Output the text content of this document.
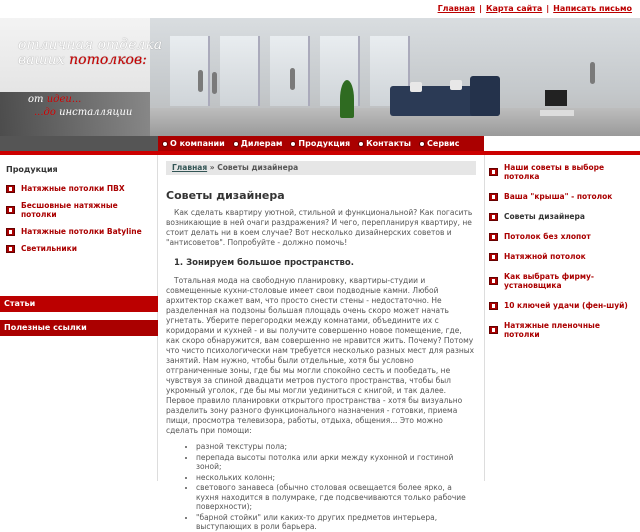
Главная | Карта сайта | Написать письмо
отличная отделка
ваших потолков:
от идеи...
...до инсталляции
О компании Дилерам Продукция Контакты Сервис
Продукция
Натяжные потолки ПВХ
Бесшовные натяжные потолки
Натяжные потолки Batyline
Светильники
Статьи
Полезные ссылки
Главная » Советы дизайнера
Советы дизайнера

Как сделать квартиру уютной, стильной и функциональной? Как погасить возникающие в ней очаги раздражения? И чего, перепланируя квартиру, не стоит делать ни в коем случае? Вот несколько дизайнерских советов и "антисоветов". Попробуйте - должно помочь!

1. Зонируем большое пространство.

Тотальная мода на свободную планировку, квартиры-студии и совмещенные кухни-столовые имеет свои подводные камни. Любой архитектор скажет вам, что просто снести стены - недостаточно. Не разделенная на подзоны большая площадь очень скоро может начать угнетать. Уберите перегородки между комнатами, объедините их с коридорами и кухней - и вы получите совершенно новое помещение, где, как скоро обнаружится, вам совершенно не нравится жить. Почему? Потому что чисто психологически нам требуется несколько разных мест для разных занятий. Нам нужно, чтобы были отдельные, хотя бы условно отграниченные зоны, где бы мы могли спокойно сесть и пообедать, не чувствуя за спиной двадцати метров пустого пространства, чтобы был укромный уголок, где бы мы могли уединиться с книгой, и так далее. Первое правило планировки открытого пространства - хотя бы визуально разделить зону разного функционального назначения - готовки, приема пищи, просмотра телевизора, работы, отдыха, общения... Это можно сделать при помощи:

• разной текстуры пола;
• перепада высоты потолка или арки между кухонной и гостиной зоной;
• нескольких колонн;
• светового занавеса (обычно столовая освещается более ярко, а кухня находится в полумраке, где подсвечиваются только рабочие поверхности);
• "барной стойки" или каких-то других предметов интерьера, выступающих в роли барьера.
Наши советы в выборе потолка
Ваша "крыша" - потолок
Советы дизайнера
Потолок без хлопот
Натяжной потолок
Как выбрать фирму-установщика
10 ключей удачи (фен-шуй)
Натяжные пленочные потолки
